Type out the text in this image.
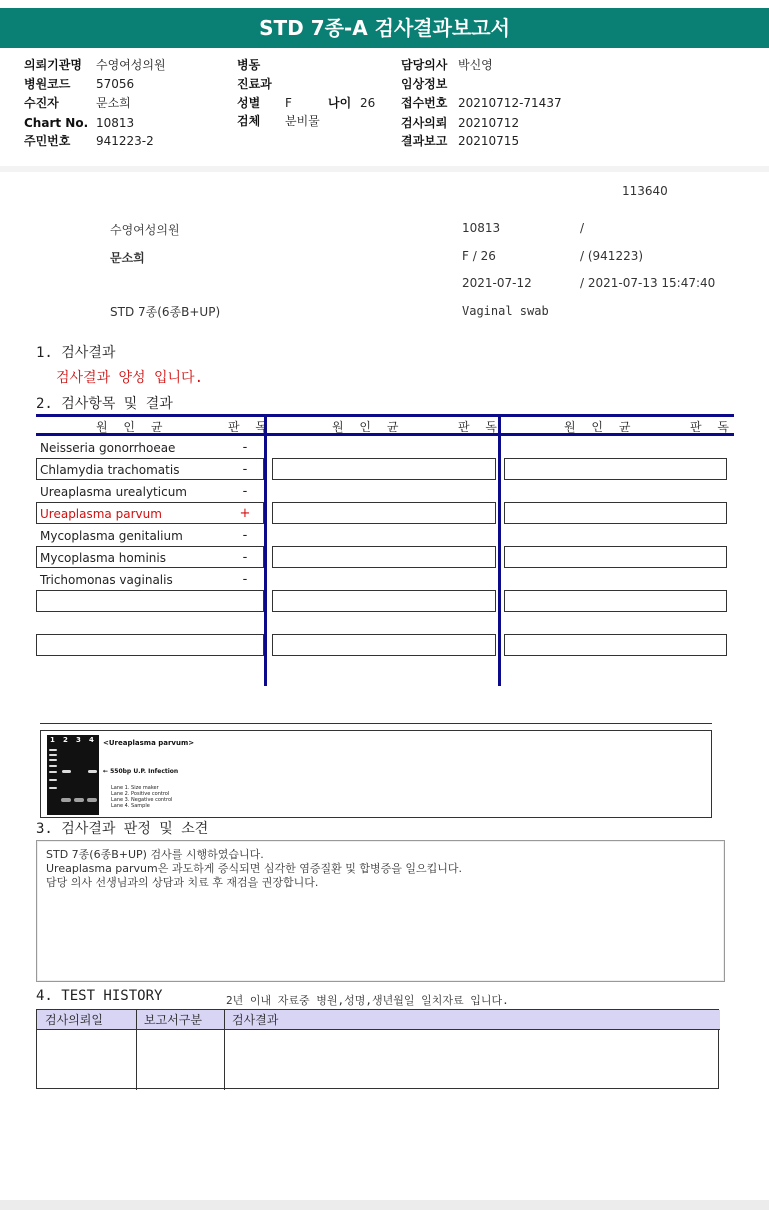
STD 7종-A 검사결과보고서
의뢰기관명 수영여성의원
병원코드 57056
수진자	문소희
Chart No. 10813
주민번호 941223-2
병동
진료과
성별 F	나이 26
검체 분비물
담당의사 박신영
임상정보
접수번호 20210712-71437
검사의뢰 20210712
결과보고 20210715
113640
수영여성의원	10813	/
문소희	F / 26	/ (941223)
2021-07-12	/ 2021-07-13 15:47:40
STD 7종(6종B+UP)	Vaginal swab
1. 검사결과
검사결과 양성 입니다.
2. 검사항목 및 결과
원 인 균	판 독	원 인 균	판 독	원 인 균	판 독
Neisseria gonorrhoeae	-
Chlamydia trachomatis	-
Ureaplasma urealyticum	-
Ureaplasma parvum	+
Mycoplasma genitalium	-
Mycoplasma hominis	-
Trichomonas vaginalis	-
1 2 3 4 <Ureaplasma parvum>
← 550bp U.P. Infection
Lane 1. Size maker
Lane 2. Positive control
Lane 3. Negative control
Lane 4. Sample
3. 검사결과 판정 및 소견
STD 7종(6종B+UP) 검사를 시행하였습니다.
Ureaplasma parvum은 과도하게 증식되면 심각한 염증질환 및 합병증을 일으킵니다.
담당 의사 선생님과의 상담과 치료 후 재검을 권장합니다.
4. TEST HISTORY	2년 이내 자료중 병원,성명,생년월일 일치자료 입니다.
검사의뢰일	보고서구분	검사결과
